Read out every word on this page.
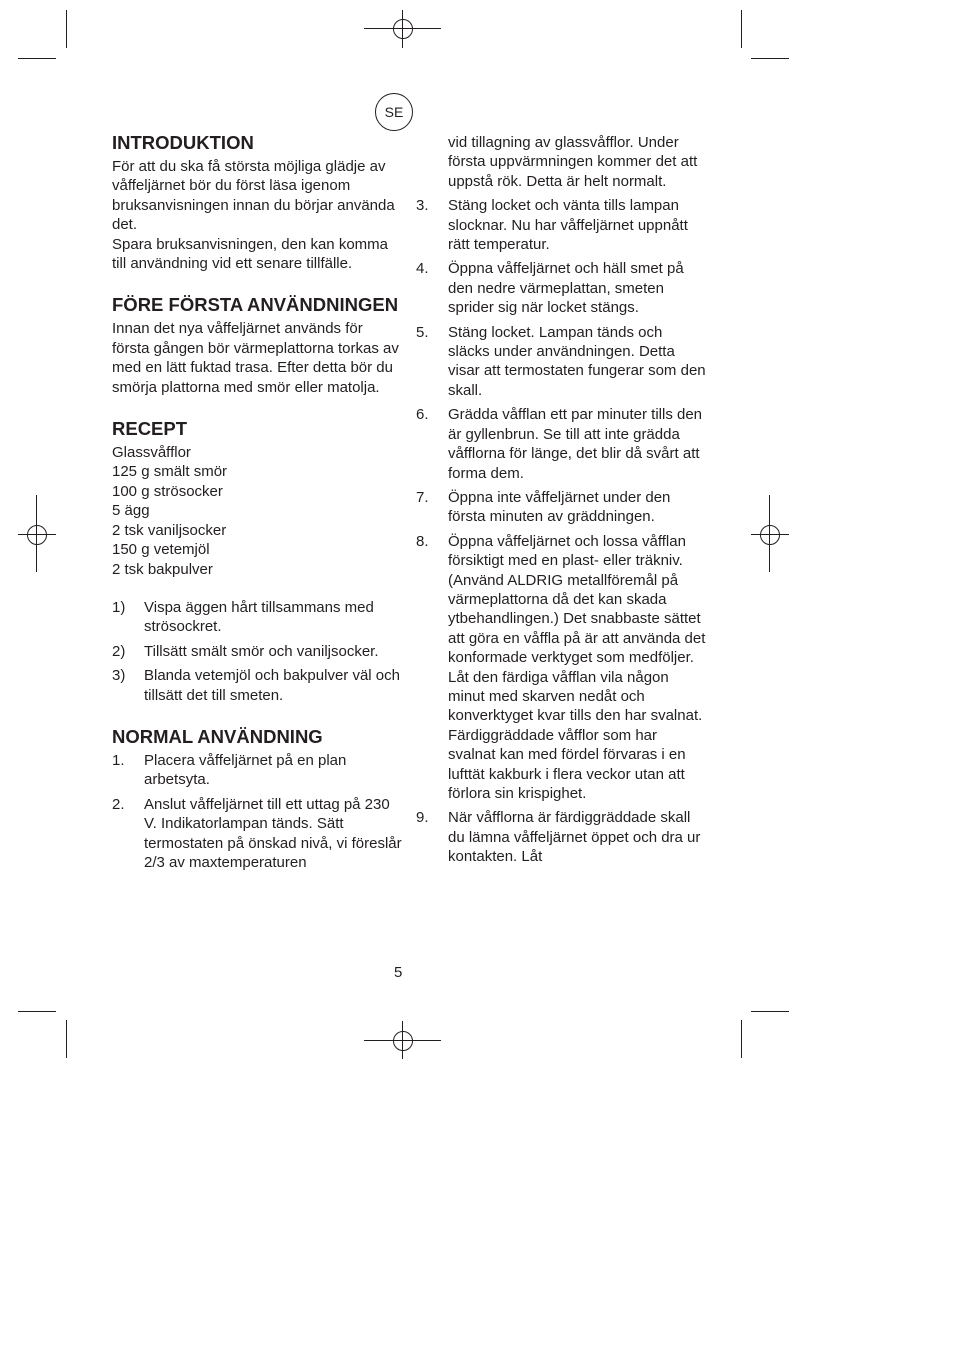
SE
INTRODUKTION

För att du ska få största möjliga glädje av våffeljärnet bör du först läsa igenom bruksanvisningen innan du börjar använda det.

Spara bruksanvisningen, den kan komma till användning vid ett senare tillfälle.

FÖRE FÖRSTA ANVÄNDNINGEN

Innan det nya våffeljärnet används för första gången bör värmeplattorna torkas av med en lätt fuktad trasa. Efter detta bör du smörja plattorna med smör eller matolja.

RECEPT
Glassvåfflor
125 g smält smör
100 g strösocker
5 ägg
2 tsk vaniljsocker
150 g vetemjöl
2 tsk bakpulver
1)	Vispa äggen hårt tillsammans med strösockret.
2)	Tillsätt smält smör och vaniljsocker.
3)	Blanda vetemjöl och bakpulver väl och tillsätt det till smeten.
NORMAL ANVÄNDNING
1.	Placera våffeljärnet på en plan arbetsyta.
2.	Anslut våffeljärnet till ett uttag på 230 V. Indikatorlampan tänds. Sätt termostaten på önskad nivå, vi föreslår 2/3 av maxtemperaturen

vid tillagning av glassvåfflor. Under första uppvärmningen kommer det att uppstå rök. Detta är helt normalt.

3.	Stäng locket och vänta tills lampan slocknar. Nu har våffeljärnet uppnått rätt temperatur.
4.	Öppna våffeljärnet och häll smet på den nedre värmeplattan, smeten sprider sig när locket stängs.
5.	Stäng locket. Lampan tänds och släcks under användningen. Detta visar att termostaten fungerar som den skall.
6.	Grädda våfflan ett par minuter tills den är gyllenbrun. Se till att inte grädda våfflorna för länge, det blir då svårt att forma dem.
7.	Öppna inte våffeljärnet under den första minuten av gräddningen.
8.	Öppna våffeljärnet och lossa våfflan försiktigt med en plast- eller träkniv. (Använd ALDRIG metallföremål på värmeplattorna då det kan skada ytbehandlingen.) Det snabbaste sättet att göra en våffla på är att använda det konformade verktyget som medföljer. Låt den färdiga våfflan vila någon minut med skarven nedåt och konverktyget kvar tills den har svalnat. Färdiggräddade våfflor som har svalnat kan med fördel förvaras i en lufttät kakburk i flera veckor utan att förlora sin krispighet.
9.	När våfflorna är färdiggräddade skall du lämna våffeljärnet öppet och dra ur kontakten. Låt
5
